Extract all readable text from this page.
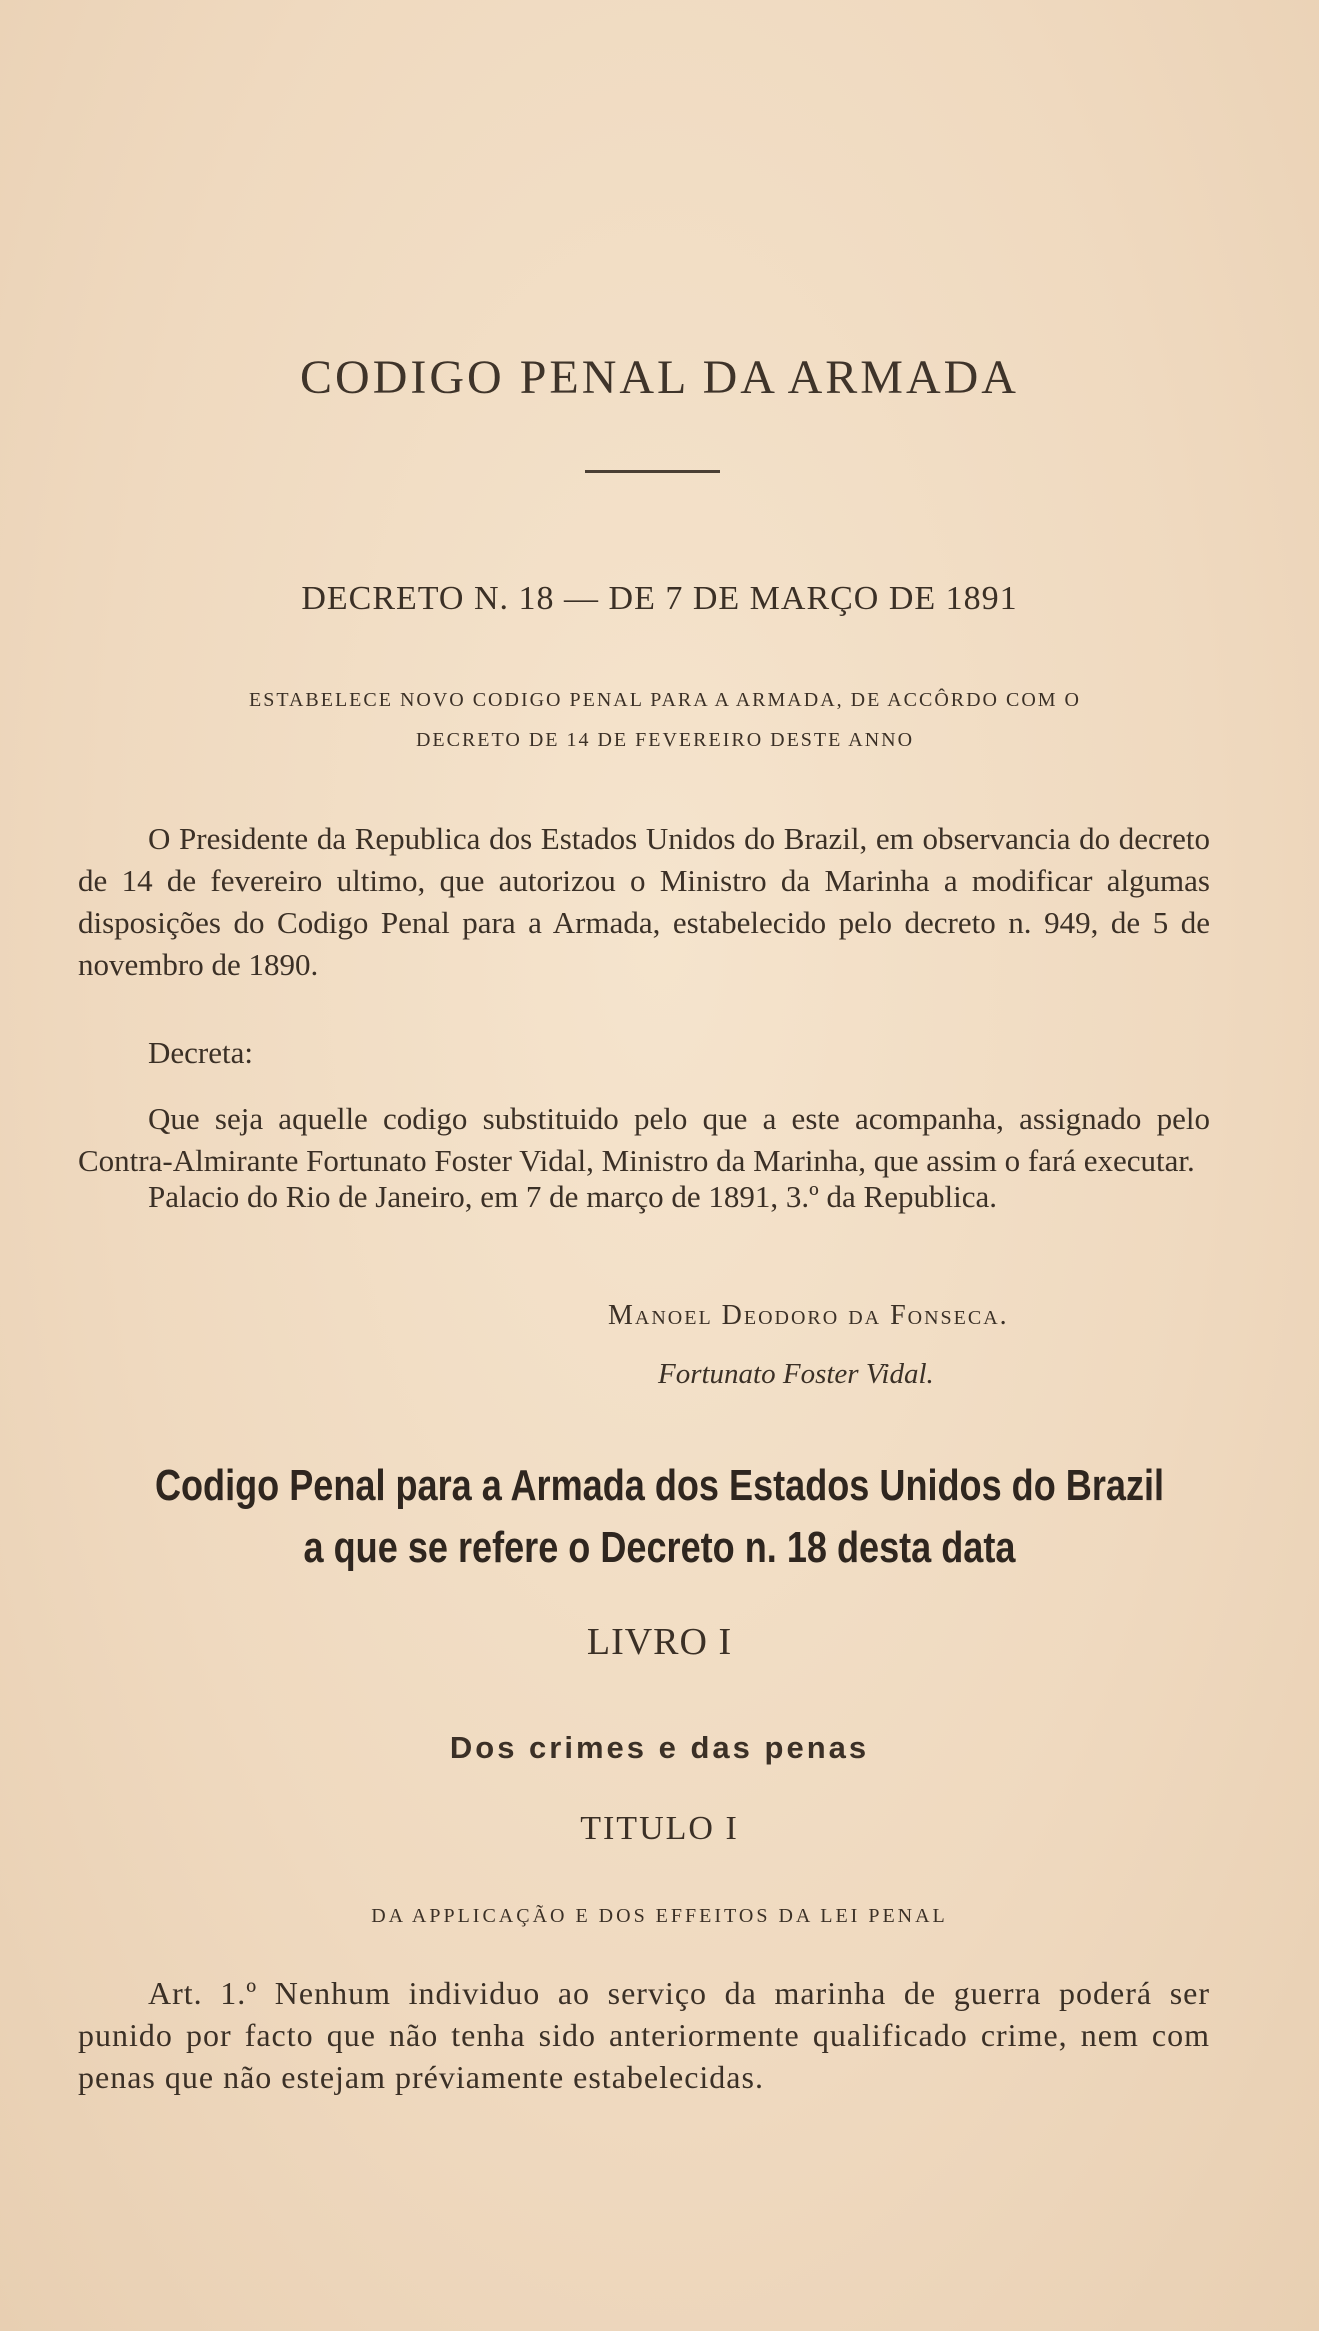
CODIGO PENAL DA ARMADA
DECRETO N. 18 — DE 7 DE MARÇO DE 1891
ESTABELECE NOVO CODIGO PENAL PARA A ARMADA, DE ACCÔRDO COM O
DECRETO DE 14 DE FEVEREIRO DESTE ANNO
O Presidente da Republica dos Estados Unidos do Brazil, em observancia do decreto de 14 de fevereiro ultimo, que autorizou o Ministro da Marinha a modificar algumas disposições do Codigo Penal para a Armada, estabelecido pelo decreto n. 949, de 5 de novembro de 1890.
Decreta:
Que seja aquelle codigo substituido pelo que a este acompanha, assignado pelo Contra-Almirante Fortunato Foster Vidal, Ministro da Marinha, que assim o fará executar.
Palacio do Rio de Janeiro, em 7 de março de 1891, 3.º da Republica.
Manoel Deodoro da Fonseca.
Fortunato Foster Vidal.
Codigo Penal para a Armada dos Estados Unidos do Brazil
a que se refere o Decreto n. 18 desta data
LIVRO I
Dos crimes e das penas
TITULO I
DA APPLICAÇÃO E DOS EFFEITOS DA LEI PENAL
Art. 1.º Nenhum individuo ao serviço da marinha de guerra poderá ser punido por facto que não tenha sido anteriormente qualificado crime, nem com penas que não estejam préviamente estabelecidas.
